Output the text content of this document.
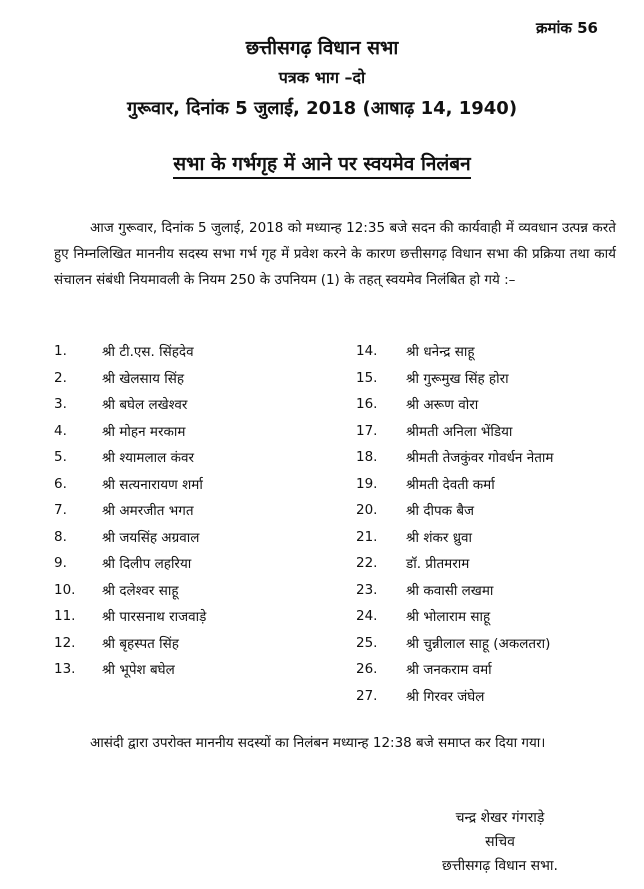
क्रमांक 56
छत्तीसगढ़ विधान सभा
पत्रक भाग –दो
गुरूवार, दिनांक 5 जुलाई, 2018 (आषाढ़ 14, 1940)
सभा के गर्भगृह में आने पर स्वयमेव निलंबन
आज गुरूवार, दिनांक 5 जुलाई, 2018 को मध्यान्ह 12:35 बजे सदन की कार्यवाही में व्यवधान उत्पन्न करते हुए निम्नलिखित माननीय सदस्य सभा गर्भ गृह में प्रवेश करने के कारण छत्तीसगढ़ विधान सभा की प्रक्रिया तथा कार्य संचालन संबंधी नियमावली के नियम 250 के उपनियम (1) के तहत् स्वयमेव निलंबित हो गये :–
1.	श्री टी.एस. सिंहदेव
2.	श्री खेलसाय सिंह
3.	श्री बघेल लखेश्वर
4.	श्री मोहन मरकाम
5.	श्री श्यामलाल कंवर
6.	श्री सत्यनारायण शर्मा
7.	श्री अमरजीत भगत
8.	श्री जयसिंह अग्रवाल
9.	श्री दिलीप लहरिया
10.	श्री दलेश्वर साहू
11.	श्री पारसनाथ राजवाड़े
12.	श्री बृहस्पत सिंह
13.	श्री भूपेश बघेल
14.	श्री धनेन्द्र साहू
15.	श्री गुरूमुख सिंह होरा
16.	श्री अरूण वोरा
17.	श्रीमती अनिला भेंडिया
18.	श्रीमती तेजकुंवर गोवर्धन नेताम
19.	श्रीमती देवती कर्मा
20.	श्री दीपक बैज
21.	श्री शंकर ध्रुवा
22.	डॉ. प्रीतमराम
23.	श्री कवासी लखमा
24.	श्री भोलाराम साहू
25.	श्री चुन्नीलाल साहू (अकलतरा)
26.	श्री जनकराम वर्मा
27.	श्री गिरवर जंघेल
आसंदी द्वारा उपरोक्त माननीय सदस्यों का निलंबन मध्यान्ह 12:38 बजे समाप्त कर दिया गया।
चन्द्र शेखर गंगराड़े
सचिव
छत्तीसगढ़ विधान सभा.
